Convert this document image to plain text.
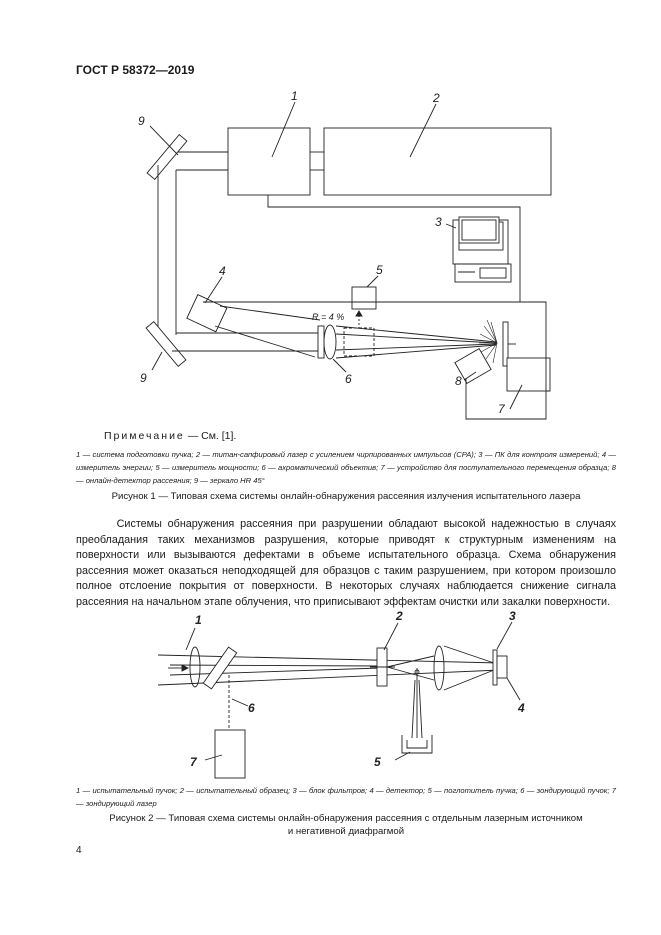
ГОСТ Р 58372—2019
1	2
3
4	5
6
7
8
9
9
R = 4 %
1	2	3
4
5
6
7
Примечание — См. [1].
1 — система подготовки пучка; 2 — титан-сапфировый лазер с усилением чирпированных импульсов (CPA); 3 — ПК для контроля измерений; 4 — измеритель энергии; 5 — измеритель мощности; 6 — ахроматический объектив; 7 — устройство для поступательного перемещения образца; 8 — онлайн-детектор рассеяния; 9 — зеркало HR 45°
Рисунок 1 — Типовая схема системы онлайн-обнаружения рассеяния излучения испытательного лазера
Системы обнаружения рассеяния при разрушении обладают высокой надежностью в случаях преобладания таких механизмов разрушения, которые приводят к структурным изменениям на поверхности или вызываются дефектами в объеме испытательного образца. Схема обнаружения рассеяния может оказаться неподходящей для образцов с таким разрушением, при котором произошло полное отслоение покрытия от поверхности. В некоторых случаях наблюдается снижение сигнала рассеяния на начальном этапе облучения, что приписывают эффектам очистки или закалки поверхности.
1 — испытательный пучок; 2 — испытательный образец; 3 — блок фильтров; 4 — детектор; 5 — поглотитель пучка; 6 — зондирующий пучок; 7 — зондирующий лазер
Рисунок 2 — Типовая схема системы онлайн-обнаружения рассеяния с отдельным лазерным источником
и негативной диафрагмой
4
